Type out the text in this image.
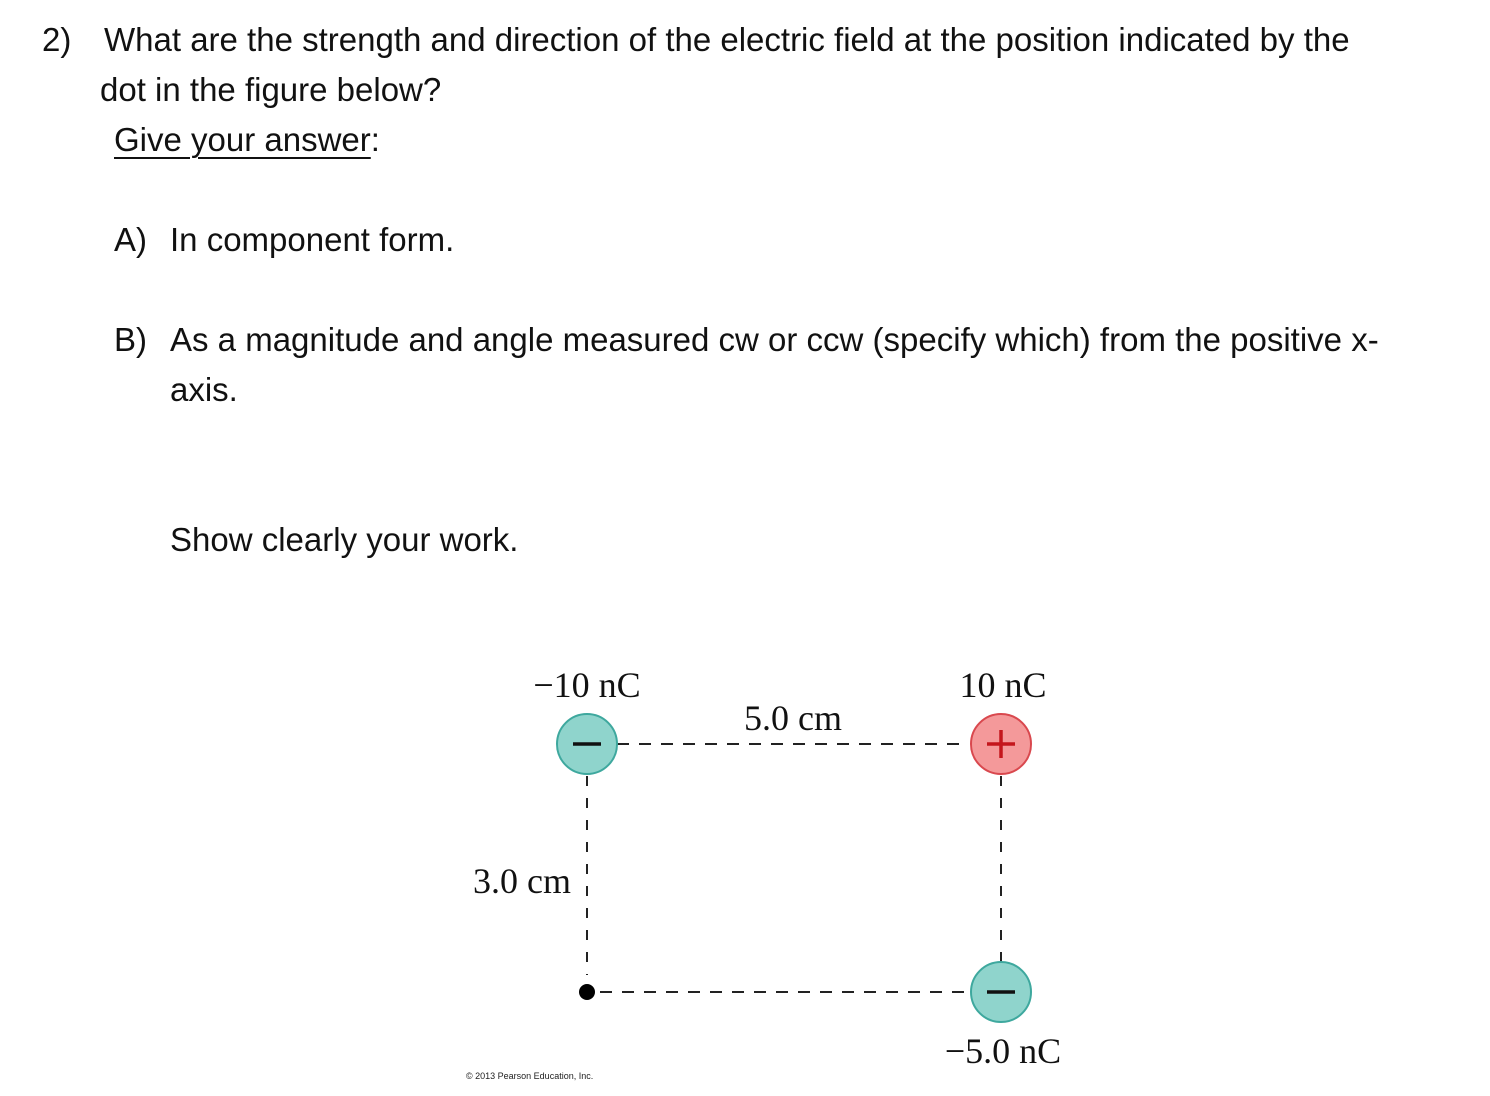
2) What are the strength and direction of the electric field at the position indicated by the
dot in the figure below?
Give your answer:
A) In component form.
B) As a magnitude and angle measured cw or ccw (specify which) from the positive x-
axis.
Show clearly your work.
−10 nC	10 nC
−5.0 nC
5.0 cm
3.0 cm
© 2013 Pearson Education, Inc.
